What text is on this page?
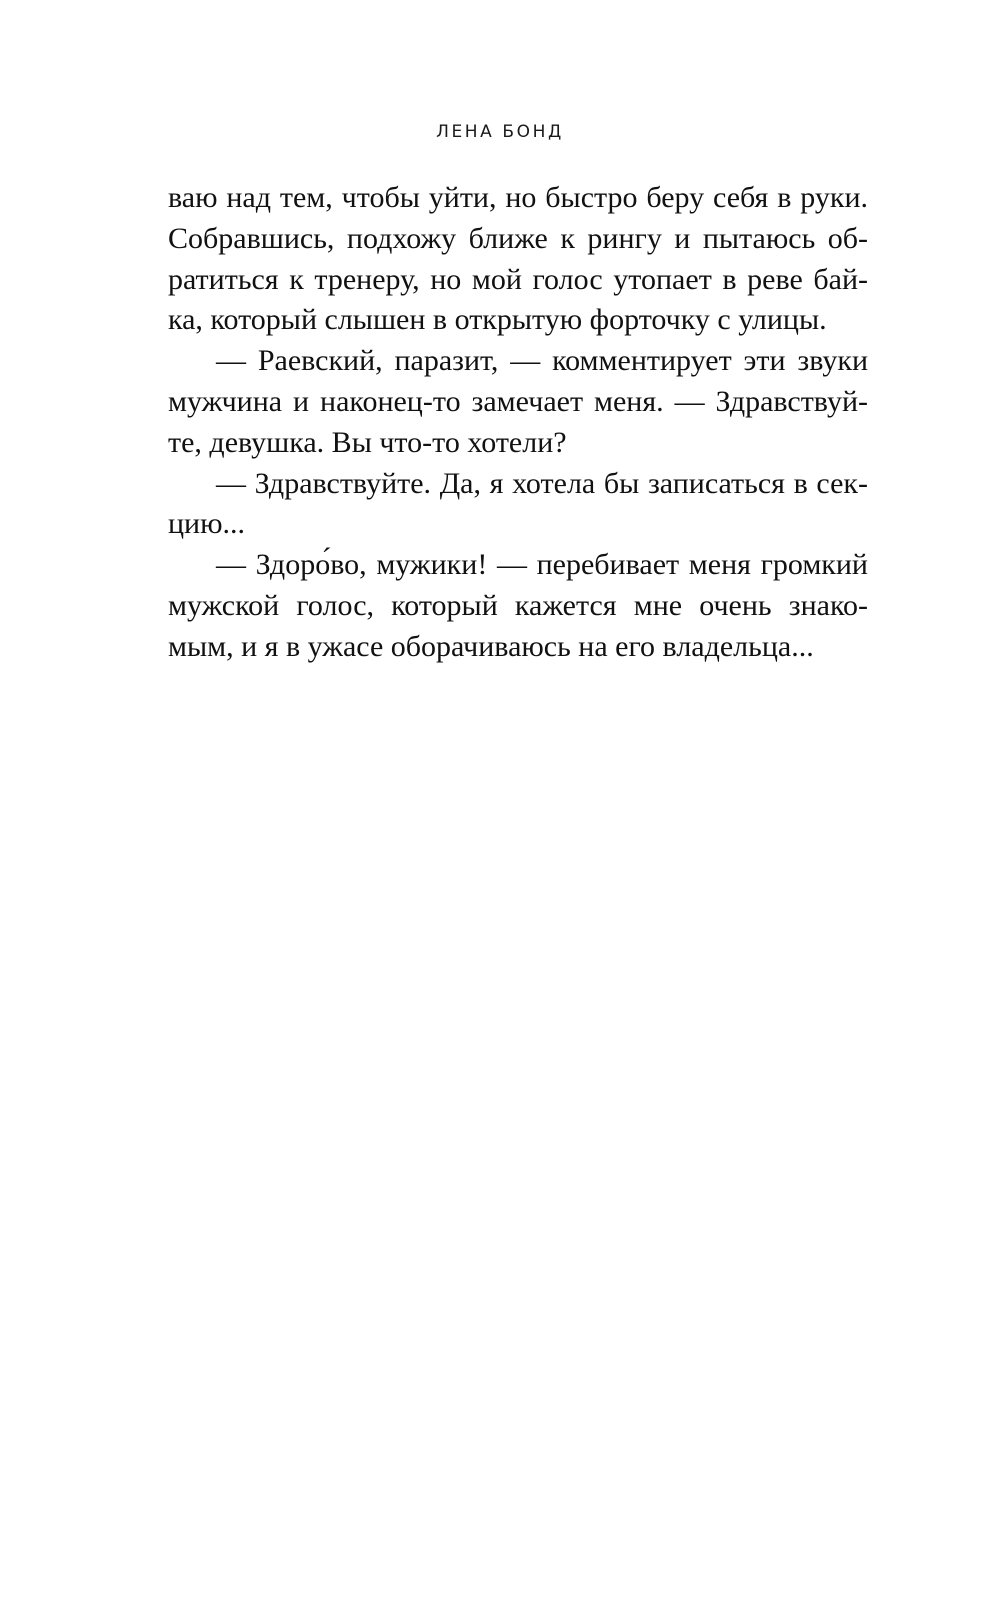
ЛЕНА БОНД
ваю над тем, чтобы уйти, но быстро беру себя в руки.
Собравшись, подхожу ближе к рингу и пытаюсь об-
ратиться к тренеру, но мой голос утопает в реве бай-
ка, который слышен в открытую форточку с улицы.
— Раевский, паразит, — комментирует эти звуки
мужчина и наконец-то замечает меня. — Здравствуй-
те, девушка. Вы что-то хотели?
— Здравствуйте. Да, я хотела бы записаться в сек-
цию...
— Здоро́во, мужики! — перебивает меня громкий
мужской голос, который кажется мне очень знако-
мым, и я в ужасе оборачиваюсь на его владельца...
